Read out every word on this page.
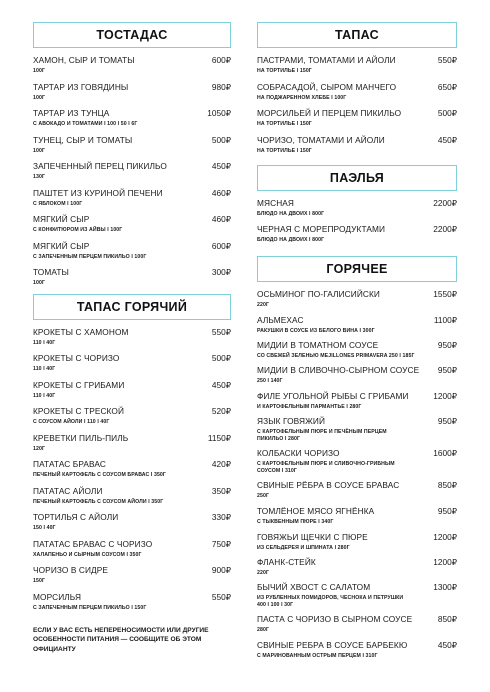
ТОСТАДАС
ХАМОН, СЫР И ТОМАТЫ	600₽
100Г
ТАРТАР ИЗ ГОВЯДИНЫ	980₽
100Г
ТАРТАР ИЗ ТУНЦА	1050₽
С АВОКАДО И ТОМАТАМИ I 100 I 50 I 6Г
ТУНЕЦ, СЫР И ТОМАТЫ	500₽
100Г
ЗАПЕЧЕННЫЙ ПЕРЕЦ ПИКИЛЬО	450₽
130Г
ПАШТЕТ ИЗ КУРИНОЙ ПЕЧЕНИ	460₽
С ЯБЛОКОМ I 100Г
МЯГКИЙ СЫР	460₽
С КОНФИТЮРОМ ИЗ АЙВЫ I 100Г
МЯГКИЙ СЫР	600₽
С ЗАПЕЧЕННЫМ ПЕРЦЕМ ПИКИЛЬО I 100Г
ТОМАТЫ	300₽
100Г
ТАПАС ГОРЯЧИЙ
КРОКЕТЫ С ХАМОНОМ	550₽
110 I 40Г
КРОКЕТЫ С ЧОРИЗО	500₽
110 I 40Г
КРОКЕТЫ С ГРИБАМИ	450₽
110 I 40Г
КРОКЕТЫ С ТРЕСКОЙ	520₽
С СОУСОМ АЙОЛИ I 110 I 40Г
КРЕВЕТКИ ПИЛЬ-ПИЛЬ	1150₽
120Г
ПАТАТАС БРАВАС	420₽
ПЕЧЕНЫЙ КАРТОФЕЛЬ С СОУСОМ БРАВАС I 350Г
ПАТАТАС АЙОЛИ	350₽
ПЕЧЕНЫЙ КАРТОФЕЛЬ С СОУСОМ АЙОЛИ I 350Г
ТОРТИЛЬЯ С АЙОЛИ	330₽
150 I 40Г
ПАТАТАС БРАВАС С ЧОРИЗО	750₽
ХАЛАПЕНЬО И СЫРНЫМ СОУСОМ I 350Г
ЧОРИЗО В СИДРЕ	900₽
150Г
МОРСИЛЬЯ	550₽
С ЗАПЕЧЕННЫМ ПЕРЦЕМ ПИКИЛЬО I 150Г
ЕСЛИ У ВАС ЕСТЬ НЕПЕРЕНОСИМОСТИ ИЛИ ДРУГИЕ ОСОБЕННОСТИ ПИТАНИЯ — СООБЩИТЕ ОБ ЭТОМ ОФИЦИАНТУ
ТАПАС
ПАСТРАМИ, ТОМАТАМИ И АЙОЛИ	550₽
НА ТОРТИЛЬЕ I 150Г
СОБРАСАДОЙ, СЫРОМ МАНЧЕГО	650₽
НА ПОДЖАРЕННОМ ХЛЕБЕ I 100Г
МОРСИЛЬЕЙ И ПЕРЦЕМ ПИКИЛЬО	500₽
НА ТОРТИЛЬЕ I 150Г
ЧОРИЗО, ТОМАТАМИ И АЙОЛИ	450₽
НА ТОРТИЛЬЕ I 150Г
ПАЭЛЬЯ
МЯСНАЯ	2200₽
БЛЮДО НА ДВОИХ I 800Г
ЧЕРНАЯ С МОРЕПРОДУКТАМИ	2200₽
БЛЮДО НА ДВОИХ I 800Г
ГОРЯЧЕЕ
ОСЬМИНОГ ПО-ГАЛИСИЙСКИ	1550₽
220Г
АЛЬМЕХАС	1100₽
РАКУШКИ В СОУСЕ ИЗ БЕЛОГО ВИНА I 300Г
МИДИИ В ТОМАТНОМ СОУСЕ	950₽
СО СВЕЖЕЙ ЗЕЛЕНЬЮ MEJILLONES PRIMAVERA 250 I 185Г
МИДИИ В СЛИВОЧНО-СЫРНОМ СОУСЕ 950₽
250 I 140Г
ФИЛЕ УГОЛЬНОЙ РЫБЫ С ГРИБАМИ	1200₽
И КАРТОФЕЛЬНЫМ ПАРМАНТЬЕ I 280Г
ЯЗЫК ГОВЯЖИЙ	950₽
С КАРТОФЕЛЬНЫМ ПЮРЕ И ПЕЧЁНЫМ ПЕРЦЕМ
ПИКИЛЬО I 280Г
КОЛБАСКИ ЧОРИЗО	1600₽
С КАРТОФЕЛЬНЫМ ПЮРЕ И СЛИВОЧНО-ГРИБНЫМ
СОУСОМ I 310Г
СВИНЫЕ РЁБРА В СОУСЕ БРАВАС	850₽
250Г
ТОМЛЁНОЕ МЯСО ЯГНЁНКА	950₽
С ТЫКВЕННЫМ ПЮРЕ I 340Г
ГОВЯЖЬИ ЩЕЧКИ С ПЮРЕ	1200₽
ИЗ СЕЛЬДЕРЕЯ И ШПИНАТА I 280Г
ФЛАНК-СТЕЙК	1200₽
220Г
БЫЧИЙ ХВОСТ С САЛАТОМ	1300₽
ИЗ РУБЛЕННЫХ ПОМИДОРОВ, ЧЕСНОКА И ПЕТРУШКИ
400 I 100 I 30Г
ПАСТА С ЧОРИЗО В СЫРНОМ СОУСЕ	850₽
280Г
СВИНЫЕ РЕБРА В СОУСЕ БАРБЕКЮ	450₽
С МАРИНОВАННЫМ ОСТРЫМ ПЕРЦЕМ I 310Г
